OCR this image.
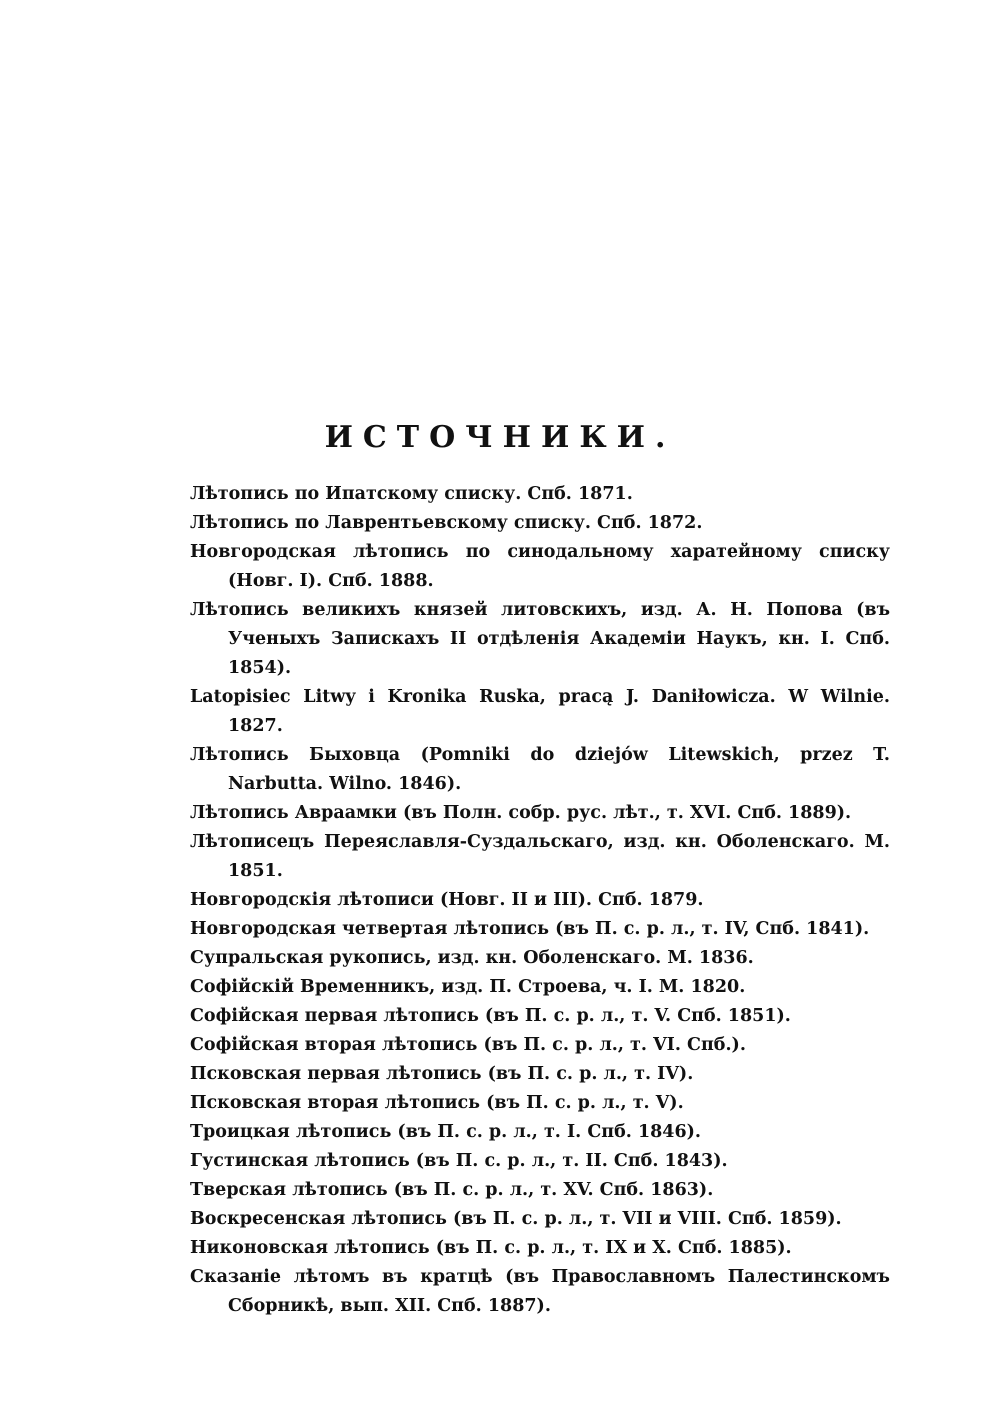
ИСТОЧНИКИ.
Лѣтопись по Ипатскому списку. Спб. 1871.
Лѣтопись по Лаврентьевскому списку. Спб. 1872.
Новгородская лѣтопись по синодальному харатейному списку (Новг. I). Спб. 1888.
Лѣтопись великихъ князей литовскихъ, изд. А. Н. Попова (въ Ученыхъ Запискахъ II отдѣленія Академіи Наукъ, кн. I. Спб. 1854).
Latopisiec Litwy i Kronika Ruska, pracą J. Daniłowicza. W Wilnie. 1827.
Лѣтопись Быховца (Pomniki do dziejów Litewskich, przez T. Narbutta. Wilno. 1846).
Лѣтопись Авраамки (въ Полн. собр. рус. лѣт., т. XVI. Спб. 1889).
Лѣтописецъ Переяславля-Суздальскаго, изд. кн. Оболенскаго. М. 1851.
Новгородскія лѣтописи (Новг. II и III). Спб. 1879.
Новгородская четвертая лѣтопись (въ П. с. р. л., т. IV, Спб. 1841).
Супральская рукопись, изд. кн. Оболенскаго. М. 1836.
Софійскій Временникъ, изд. П. Строева, ч. I. М. 1820.
Софійская первая лѣтопись (въ П. с. р. л., т. V. Спб. 1851).
Софійская вторая лѣтопись (въ П. с. р. л., т. VI. Спб.).
Псковская первая лѣтопись (въ П. с. р. л., т. IV).
Псковская вторая лѣтопись (въ П. с. р. л., т. V).
Троицкая лѣтопись (въ П. с. р. л., т. I. Спб. 1846).
Густинская лѣтопись (въ П. с. р. л., т. II. Спб. 1843).
Тверская лѣтопись (въ П. с. р. л., т. XV. Спб. 1863).
Воскресенская лѣтопись (въ П. с. р. л., т. VII и VIII. Спб. 1859).
Никоновская лѣтопись (въ П. с. р. л., т. IX и X. Спб. 1885).
Сказаніе лѣтомъ въ кратцѣ (въ Православномъ Палестинскомъ Сборникѣ, вып. XII. Спб. 1887).
